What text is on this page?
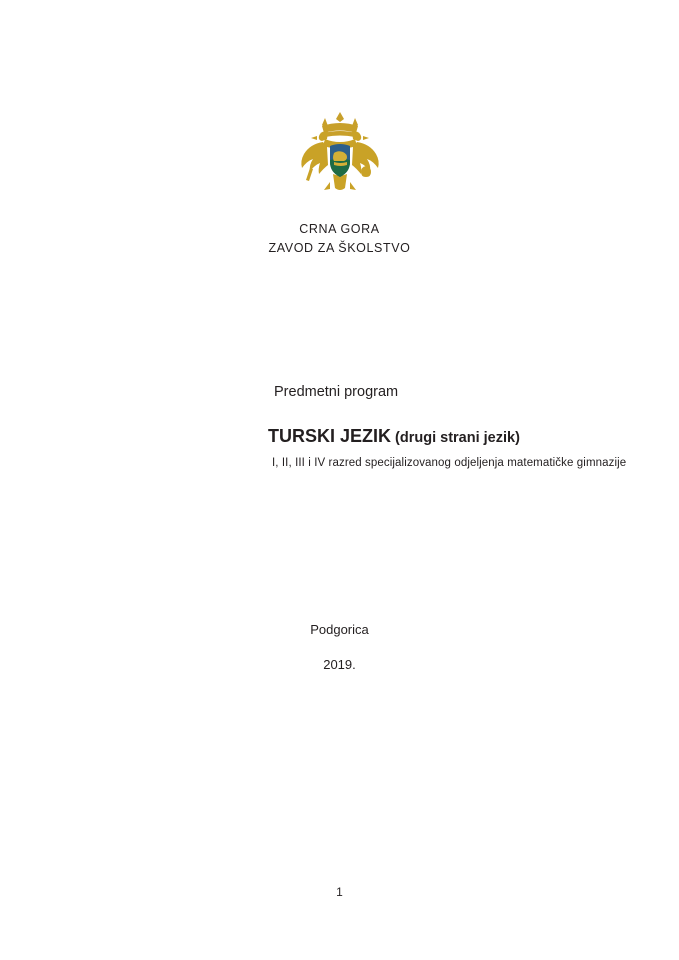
CRNA GORA
ZAVOD ZA ŠKOLSTVO
Predmetni program
TURSKI JEZIK (drugi strani jezik)
I, II, III i IV razred specijalizovanog odjeljenja matematičke gimnazije
Podgorica
2019.
1
